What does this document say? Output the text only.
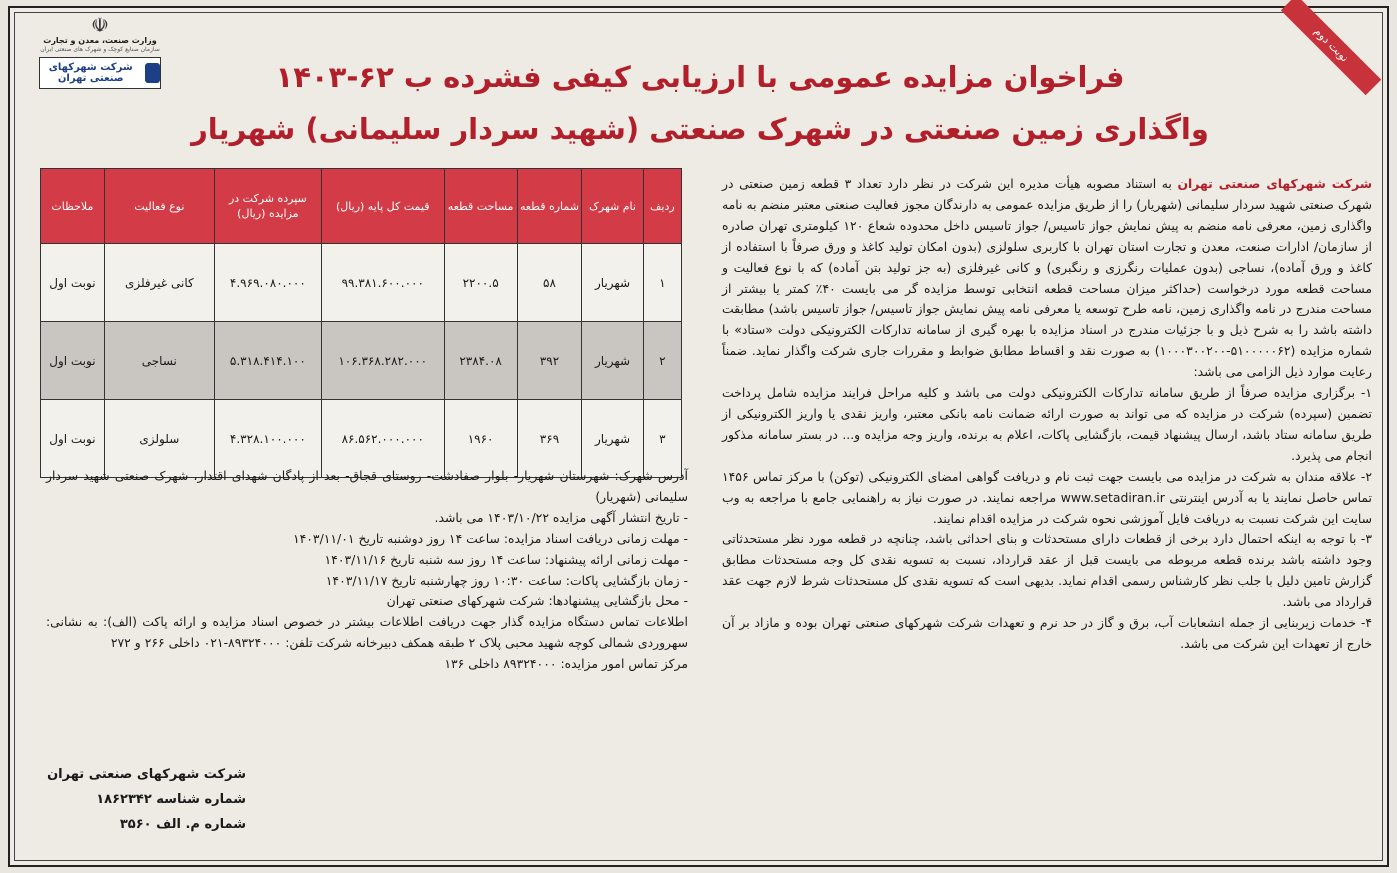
☫
وزارت صنعت، معدن و تجارت
سازمان صنایع کوچک و شهرک های صنعتی ایران
شرکت شهرکهای صنعتی تهران
نوبت دوم
فراخوان مزایده عمومی با ارزیابی کیفی فشرده ب ۶۲-۱۴۰۳
واگذاری زمین صنعتی در شهرک صنعتی (شهید سردار سلیمانی) شهریار
ردیف	نام شهرک	شماره قطعه	مساحت قطعه	قیمت کل پایه (ریال)	سپرده شرکت در مزایده (ریال)	نوع فعالیت	ملاحظات
۱	شهریار	۵۸	۲۲۰۰.۵	۹۹.۳۸۱.۶۰۰.۰۰۰	۴.۹۶۹.۰۸۰.۰۰۰	کانی غیرفلزی	نوبت اول
۲	شهریار	۳۹۲	۲۳۸۴.۰۸	۱۰۶.۳۶۸.۲۸۲.۰۰۰	۵.۳۱۸.۴۱۴.۱۰۰	نساجی	نوبت اول
۳	شهریار	۳۶۹	۱۹۶۰	۸۶.۵۶۲.۰۰۰.۰۰۰	۴.۳۲۸.۱۰۰.۰۰۰	سلولزی	نوبت اول

شرکت شهرکهای صنعتی تهران به استناد مصوبه هیأت مدیره این شرکت در نظر دارد تعداد ۳ قطعه زمین صنعتی در شهرک صنعتی شهید سردار سلیمانی (شهریار) را از طریق مزایده عمومی به دارندگان مجوز فعالیت صنعتی معتبر منضم به نامه واگذاری زمین، معرفی نامه منضم به پیش نمایش جواز تاسیس/ جواز تاسیس داخل محدوده شعاع ۱۲۰ کیلومتری تهران صادره از سازمان/ ادارات صنعت، معدن و تجارت استان تهران با کاربری سلولزی (بدون امکان تولید کاغذ و ورق صرفاً با استفاده از کاغذ و ورق آماده)، نساجی (بدون عملیات رنگرزی و رنگبری) و کانی غیرفلزی (به جز تولید بتن آماده) که با نوع فعالیت و مساحت قطعه مورد درخواست (حداکثر میزان مساحت قطعه انتخابی توسط مزایده گر می بایست ۴۰٪ کمتر یا بیشتر از مساحت مندرج در نامه واگذاری زمین، نامه طرح توسعه یا معرفی نامه پیش نمایش جواز تاسیس/ جواز تاسیس باشد) مطابقت داشته باشد را به شرح ذیل و با جزئیات مندرج در اسناد مزایده با بهره گیری از سامانه تدارکات الکترونیکی دولت «ستاد» با شماره مزایده (۵۱۰۰۰۰۰۶۲-۱۰۰۰۳۰۰۲۰۰) به صورت نقد و اقساط مطابق ضوابط و مقررات جاری شرکت واگذار نماید. ضمناً رعایت موارد ذیل الزامی می باشد:

۱- برگزاری مزایده صرفاً از طریق سامانه تدارکات الکترونیکی دولت می باشد و کلیه مراحل فرایند مزایده شامل پرداخت تضمین (سپرده) شرکت در مزایده که می تواند به صورت ارائه ضمانت نامه بانکی معتبر، واریز نقدی یا واریز الکترونیکی از طریق سامانه ستاد باشد، ارسال پیشنهاد قیمت، بازگشایی پاکات، اعلام به برنده، واریز وجه مزایده و... در بستر سامانه مذکور انجام می پذیرد.

۲- علاقه مندان به شرکت در مزایده می بایست جهت ثبت نام و دریافت گواهی امضای الکترونیکی (توکن) با مرکز تماس ۱۴۵۶ تماس حاصل نمایند یا به آدرس اینترنتی www.setadiran.ir مراجعه نمایند. در صورت نیاز به راهنمایی جامع با مراجعه به وب سایت این شرکت نسبت به دریافت فایل آموزشی نحوه شرکت در مزایده اقدام نمایند.

۳- با توجه به اینکه احتمال دارد برخی از قطعات دارای مستحدثات و بنای احداثی باشد، چنانچه در قطعه مورد نظر مستحدثاتی وجود داشته باشد برنده قطعه مربوطه می بایست قبل از عقد قرارداد، نسبت به تسویه نقدی کل وجه مستحدثات مطابق گزارش تامین دلیل با جلب نظر کارشناس رسمی اقدام نماید. بدیهی است که تسویه نقدی کل مستحدثات شرط لازم جهت عقد قرارداد می باشد.

۴- خدمات زیربنایی از جمله انشعابات آب، برق و گاز در حد نرم و تعهدات شرکت شهرکهای صنعتی تهران بوده و مازاد بر آن خارج از تعهدات این شرکت می باشد.

آدرس شهرک: شهرستان شهریار- بلوار صفادشت- روستای قجاق- بعد از پادگان شهدای اقتدار، شهرک صنعتی شهید سردار سلیمانی (شهریار)

- تاریخ انتشار آگهی مزایده ۱۴۰۳/۱۰/۲۲ می باشد.

- مهلت زمانی دریافت اسناد مزایده: ساعت ۱۴ روز دوشنبه تاریخ ۱۴۰۳/۱۱/۰۱

- مهلت زمانی ارائه پیشنهاد: ساعت ۱۴ روز سه شنبه تاریخ ۱۴۰۳/۱۱/۱۶

- زمان بازگشایی پاکات: ساعت ۱۰:۳۰ روز چهارشنبه تاریخ ۱۴۰۳/۱۱/۱۷

- محل بازگشایی پیشنهادها: شرکت شهرکهای صنعتی تهران

اطلاعات تماس دستگاه مزایده گذار جهت دریافت اطلاعات بیشتر در خصوص اسناد مزایده و ارائه پاکت (الف): به نشانی: سهروردی شمالی کوچه شهید محبی پلاک ۲ طبقه همکف دبیرخانه شرکت تلفن: ۸۹۳۲۴۰۰۰-۰۲۱ داخلی ۲۶۶ و ۲۷۲

مرکز تماس امور مزایده: ۸۹۳۲۴۰۰۰ داخلی ۱۳۶

شرکت شهرکهای صنعتی تهران
شماره شناسه ۱۸۶۲۳۴۲
شماره م. الف ۳۵۶۰
